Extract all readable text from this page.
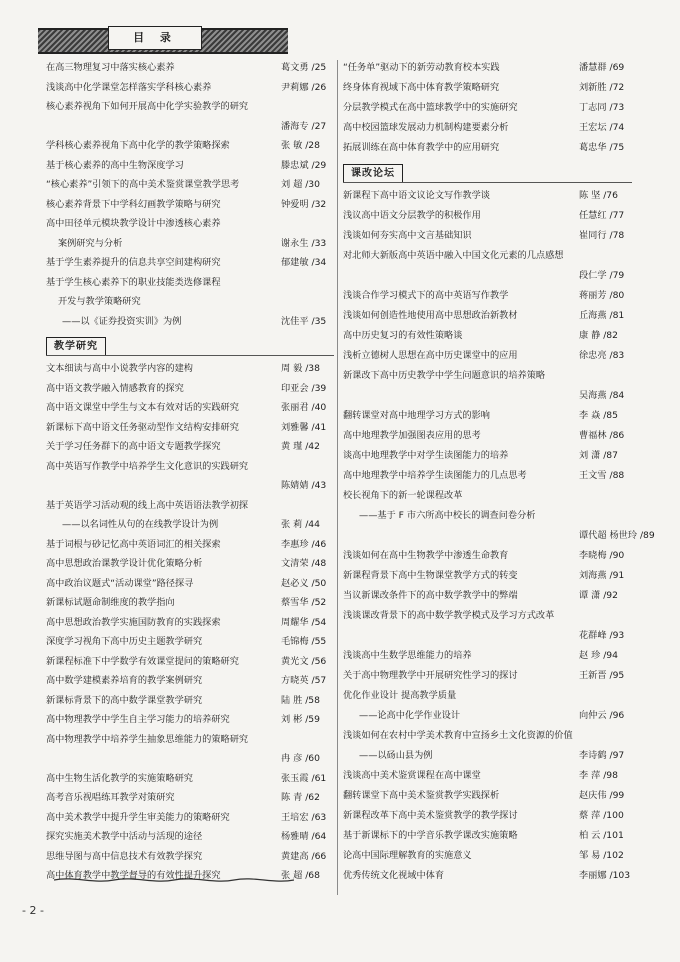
目 录
在高三物理复习中落实核心素养	葛文勇 /25
浅谈高中化学课堂怎样落实学科核心素养	尹莉娜 /26
核心素养视角下如何开展高中化学实验教学的研究
潘海专 /27
学科核心素养视角下高中化学的教学策略探索	张 敏 /28
基于核心素养的高中生物深度学习	滕忠斌 /29
“核心素养”引领下的高中美术鉴赏课堂教学思考	刘 超 /30
核心素养背景下中学科幻画教学策略与研究	钟爱明 /32
高中田径单元模块教学设计中渗透核心素养
案例研究与分析	谢永生 /33
基于学生素养提升的信息共享空间建构研究	郁建敏 /34
基于学生核心素养下的职业技能类选修课程
开发与教学策略研究
——以《证券投资实训》为例	沈佳平 /35
教学研究
文本细读与高中小说教学内容的建构	周 毅 /38
高中语文教学融入情感教育的探究	印亚会 /39
高中语文课堂中学生与文本有效对话的实践研究	张丽君 /40
新课标下高中语文任务驱动型作文结构安排研究	刘雅馨 /41
关于学习任务群下的高中语文专题教学探究	黄 瑾 /42
高中英语写作教学中培养学生文化意识的实践研究
陈婧婧 /43
基于英语学习活动观的线上高中英语语法教学初探
——以名词性从句的在线教学设计为例	张 莉 /44
基于词根与砂记忆高中英语词汇的相关探索	李惠珍 /46
高中思想政治课教学设计优化策略分析	文清荣 /48
高中政治议题式“活动课堂”路径探寻	赵必义 /50
新课标试题命制维度的教学指向	蔡雪华 /52
高中思想政治教学实施国防教育的实践探索	周耀华 /54
深度学习视角下高中历史主题教学研究	毛锦梅 /55
新课程标准下中学数学有效课堂提问的策略研究	黄光文 /56
高中数学建模素养培育的教学案例研究	方晓英 /57
新课标背景下的高中数学课堂教学研究	陆 胜 /58
高中物理教学中学生自主学习能力的培养研究	刘 彬 /59
高中物理教学中培养学生抽象思维能力的策略研究
冉 彦 /60
高中生物生活化教学的实施策略研究	张玉霞 /61
高考音乐视唱练耳教学对策研究	陈 青 /62
高中美术教学中提升学生审美能力的策略研究	王培宏 /63
探究实施美术教学中活动与活现的途径	杨雅晴 /64
思维导图与高中信息技术有效教学探究	黄建高 /66
高中体育教学中教学督导的有效性提升探究	张 超 /68
“任务单”驱动下的新劳动教育校本实践	潘慧群 /69
终身体育视域下高中体育教学策略研究	刘新胜 /72
分层教学模式在高中篮球教学中的实施研究	丁志同 /73
高中校园篮球发展动力机制构建要素分析	王宏坛 /74
拓展训练在高中体育教学中的应用研究	葛忠华 /75
课改论坛
新课程下高中语文议论文写作教学谈	陈 坚 /76
浅议高中语文分层教学的积极作用	任慧红 /77
浅谈如何夯实高中文言基础知识	崔同行 /78
对北师大新版高中英语中融入中国文化元素的几点感想
段仁学 /79
浅谈合作学习模式下的高中英语写作教学	蒋丽芳 /80
浅谈如何创造性地使用高中思想政治新教材	丘海燕 /81
高中历史复习的有效性策略谈	康 静 /82
浅析立德树人思想在高中历史课堂中的应用	徐忠亮 /83
新课改下高中历史教学中学生问题意识的培养策略
吴海燕 /84
翻转课堂对高中地理学习方式的影响	李 焱 /85
高中地理教学加强图表应用的思考	曹福林 /86
谈高中地理教学中对学生读图能力的培养	刘 潇 /87
高中地理教学中培养学生读图能力的几点思考	王文雪 /88
校长视角下的新一轮课程改革
——基于 F 市六所高中校长的调查问卷分析
谭代超 杨世玲 /89
浅谈如何在高中生物教学中渗透生命教育	李晓梅 /90
新课程背景下高中生物课堂教学方式的转变	刘海燕 /91
当议新课改条件下的高中数学教学中的弊端	谭 潇 /92
浅谈课改背景下的高中数学教学模式及学习方式改革
花群峰 /93
浅谈高中生数学思维能力的培养	赵 珍 /94
关于高中物理教学中开展研究性学习的探讨	王新晋 /95
优化作业设计 提高教学质量
——论高中化学作业设计	向仲云 /96
浅谈如何在农村中学美术教育中宣扬乡土文化资源的价值
——以砀山县为例	李诗鹤 /97
浅谈高中美术鉴赏课程在高中课堂	李 萍 /98
翻转课堂下高中美术鉴赏教学实践探析	赵庆伟 /99
新课程改革下高中美术鉴赏教学的教学探讨	蔡 萍 /100
基于新课标下的中学音乐教学课改实施策略	柏 云 /101
论高中国际理解教育的实施意义	邹 易 /102
优秀传统文化视域中体育	李丽娜 /103
- 2 -
